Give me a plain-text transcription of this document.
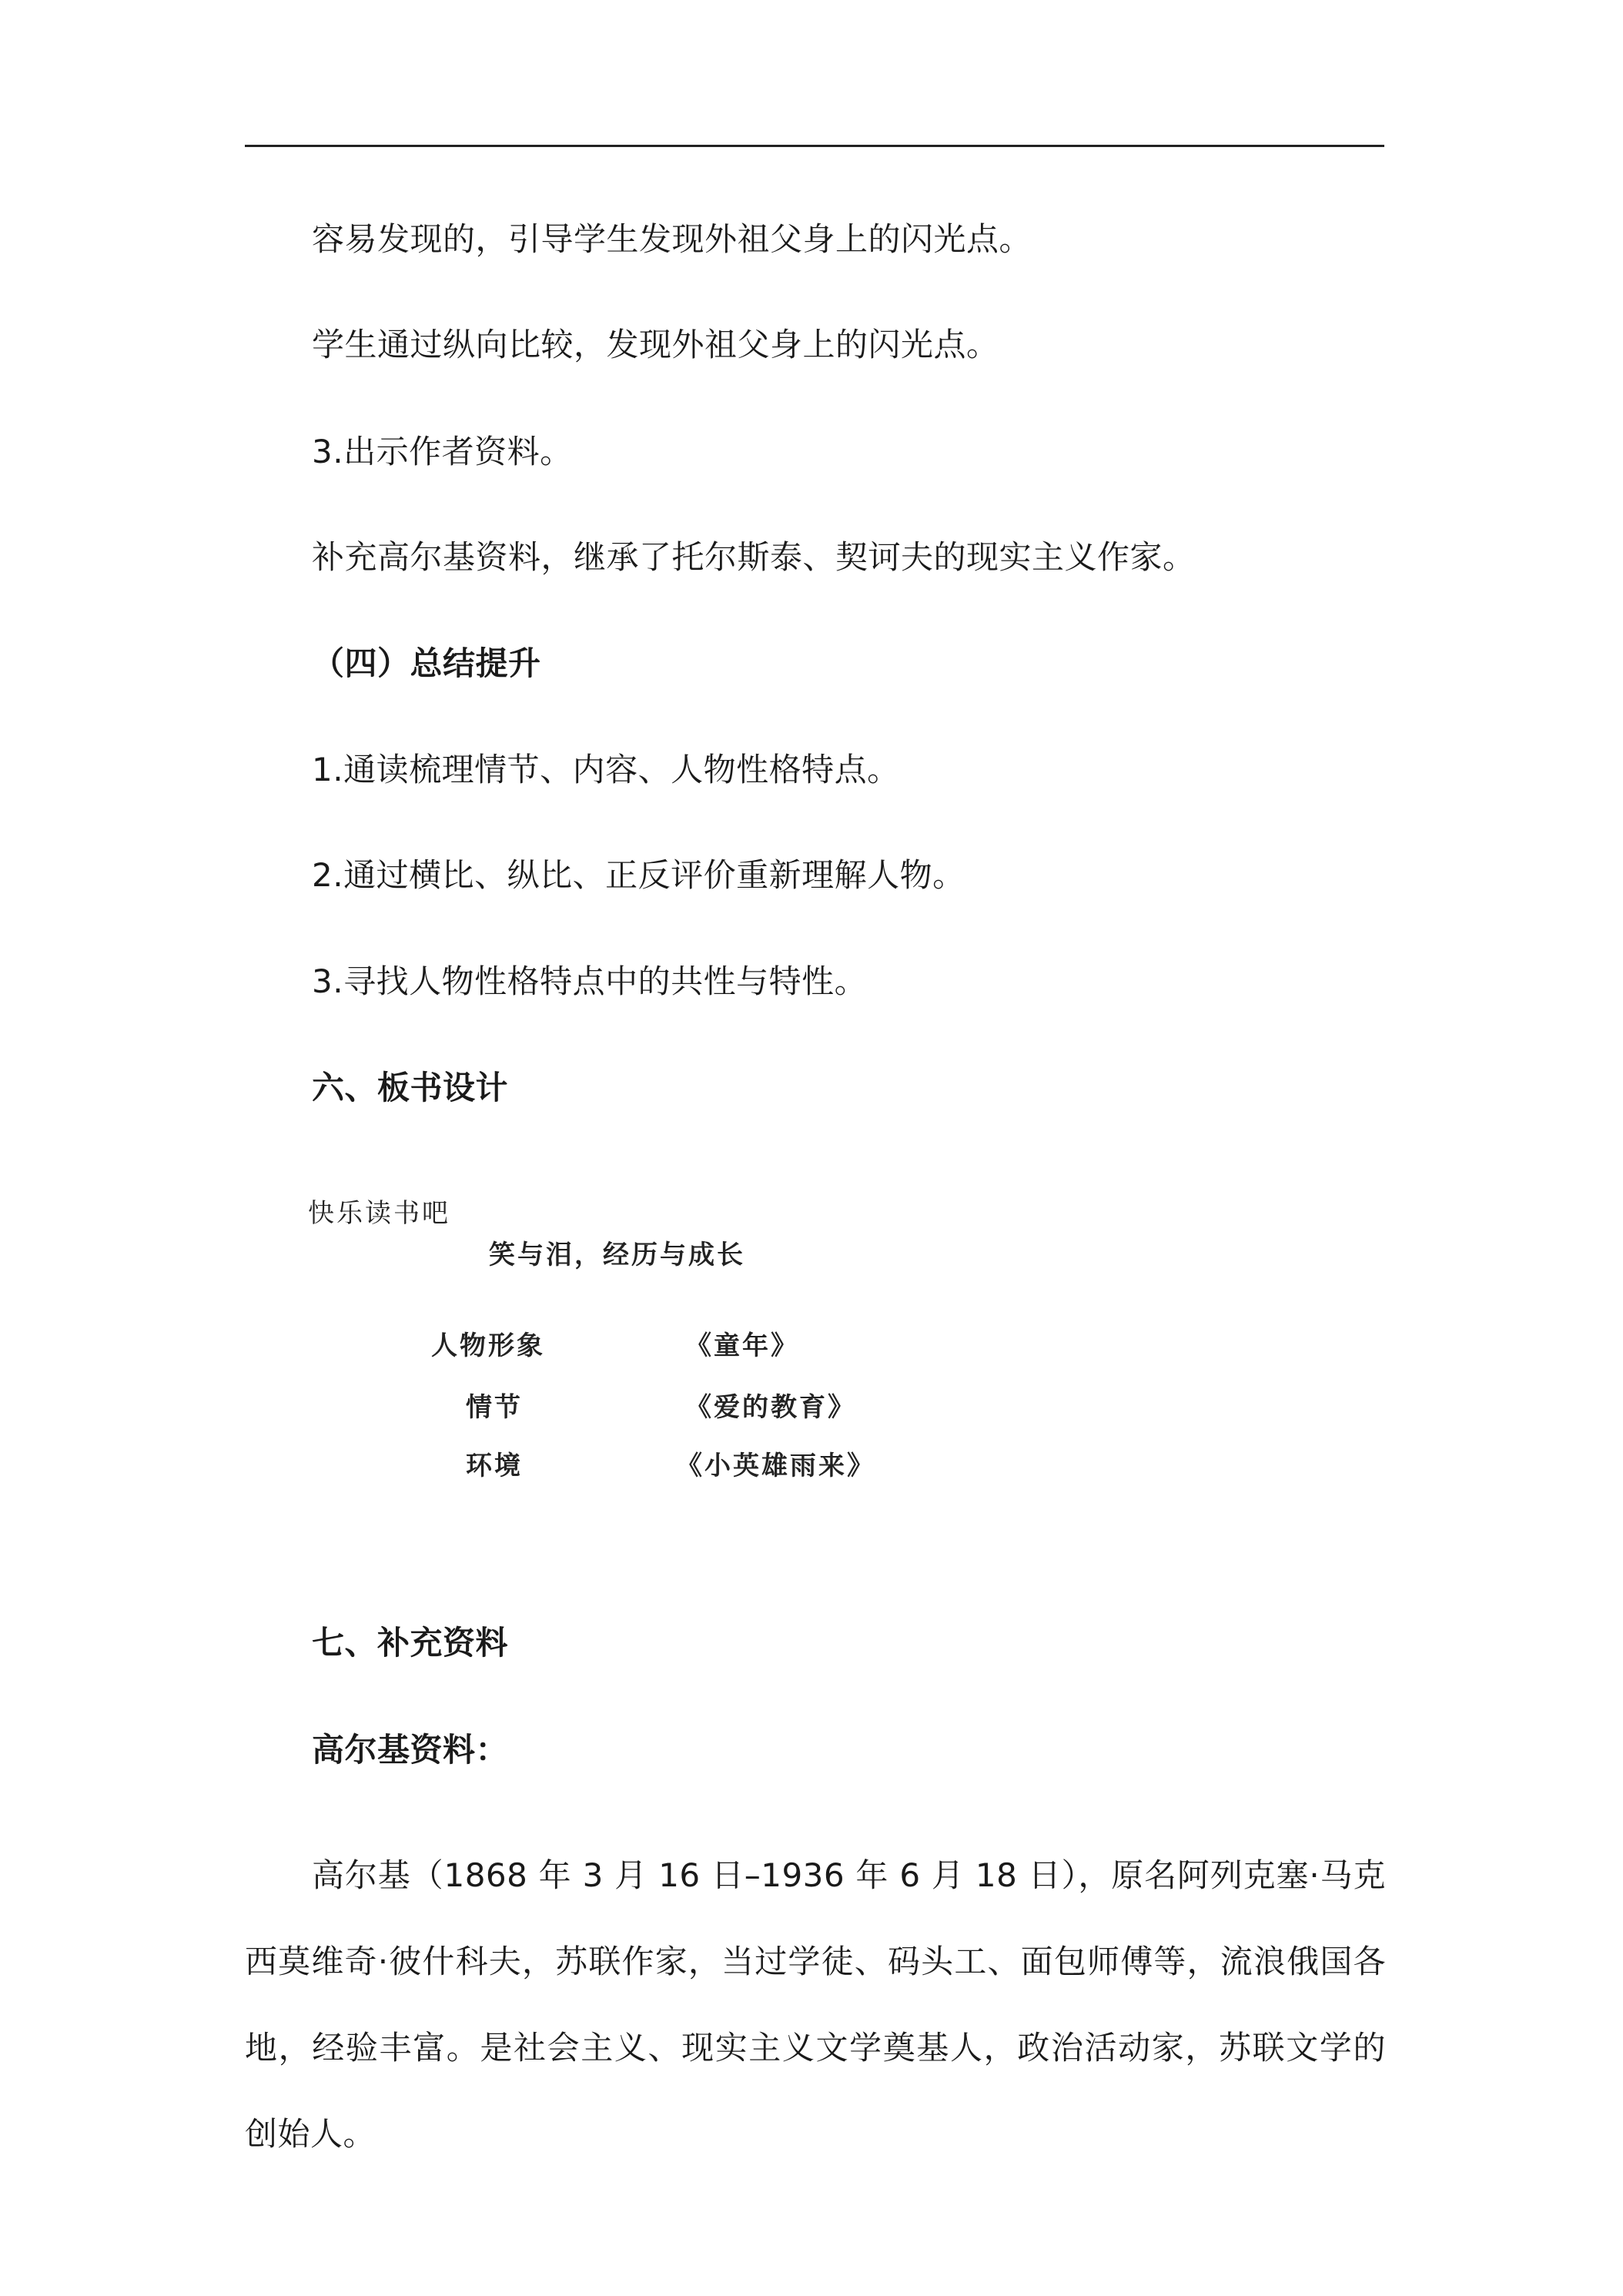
容易发现的，引导学生发现外祖父身上的闪光点。
学生通过纵向比较，发现外祖父身上的闪光点。
3.出示作者资料。
补充高尔基资料，继承了托尔斯泰、契诃夫的现实主义作家。
（四）总结提升
1.通读梳理情节、内容、人物性格特点。
2.通过横比、纵比、正反评价重新理解人物。
3.寻找人物性格特点中的共性与特性。
六、板书设计
快乐读书吧
笑与泪，经历与成长
人物形象
情节
环境
《童年》
《爱的教育》
《小英雄雨来》
七、补充资料
高尔基资料：
高尔基（1868 年 3 月 16 日–1936 年 6 月 18 日），原名阿列克塞·马克西莫维奇·彼什科夫，苏联作家，当过学徒、码头工、面包师傅等，流浪俄国各地，经验丰富。是社会主义、现实主义文学奠基人，政治活动家，苏联文学的创始人。
